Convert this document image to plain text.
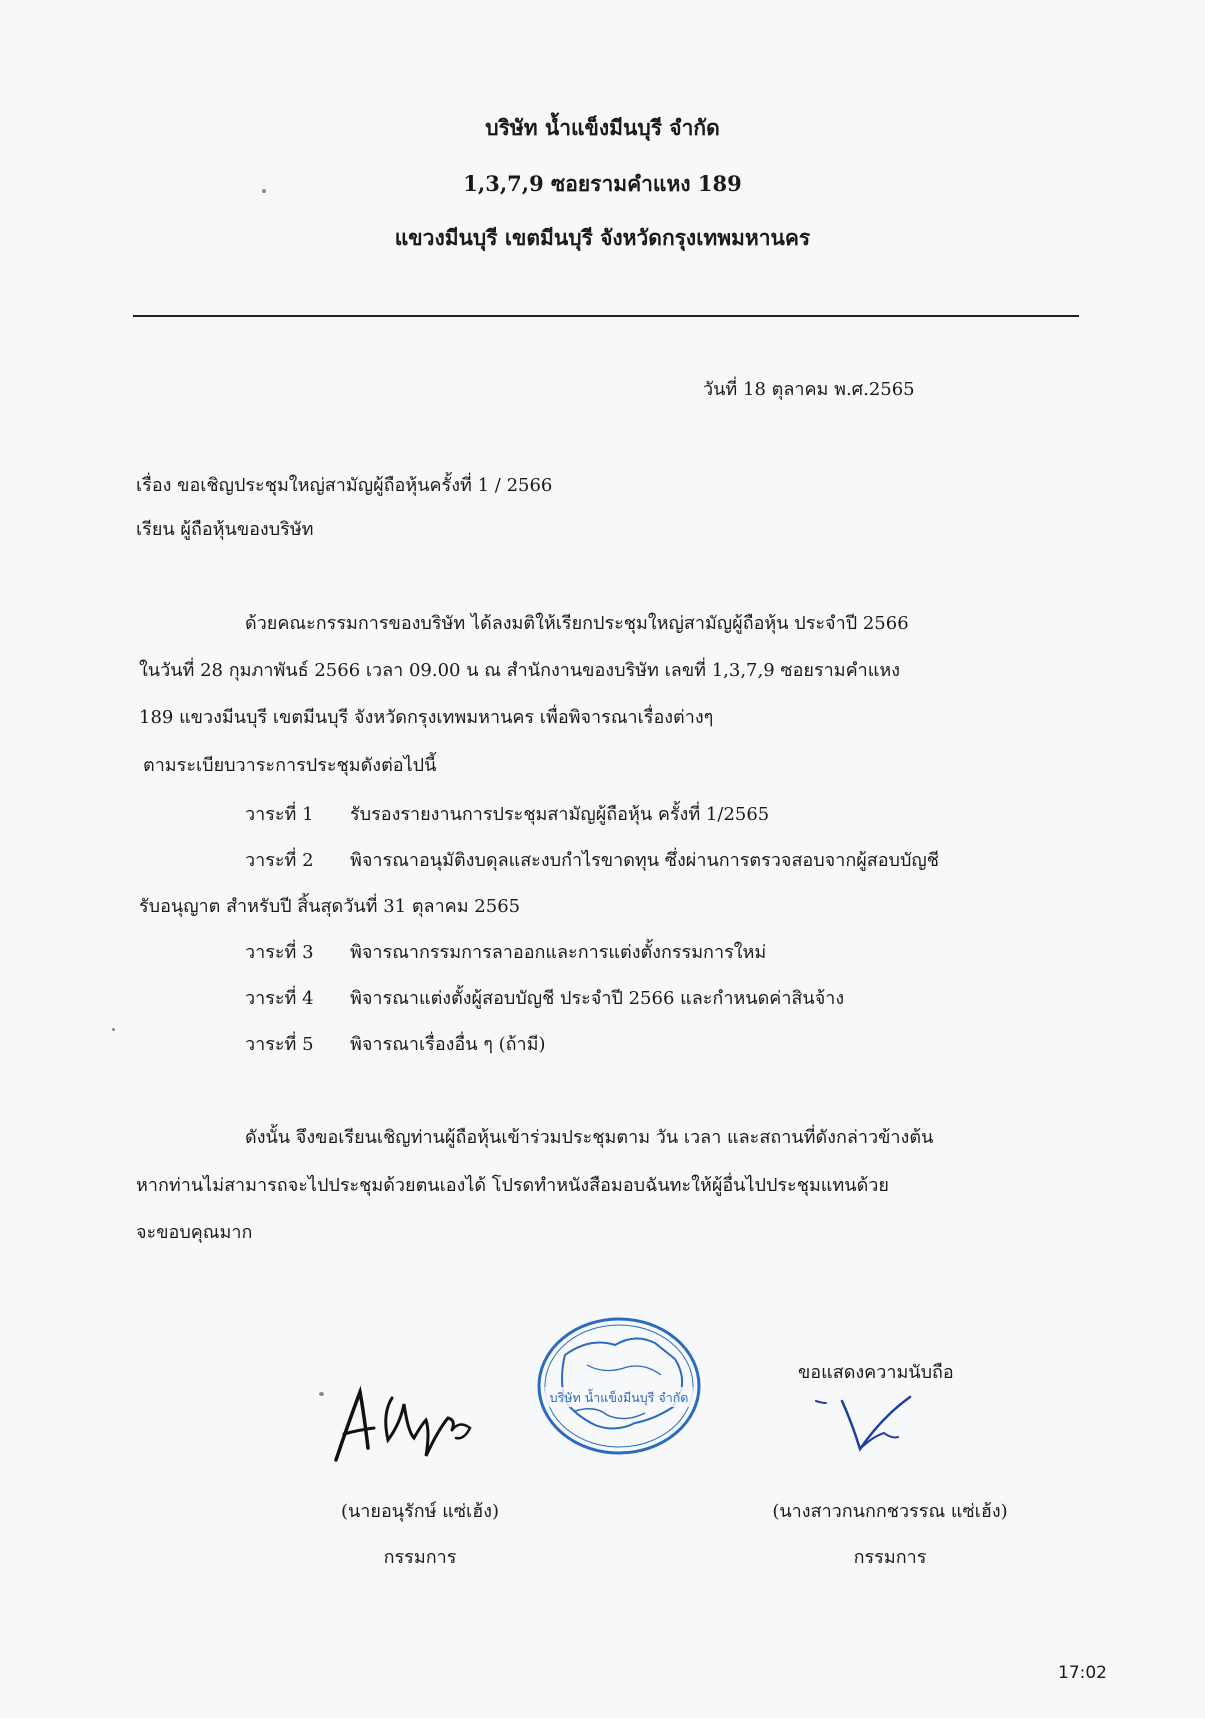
บริษัท น้ำแข็งมีนบุรี จำกัด
1,3,7,9 ซอยรามคำแหง 189
แขวงมีนบุรี เขตมีนบุรี จังหวัดกรุงเทพมหานคร
วันที่ 18 ตุลาคม พ.ศ.2565
เรื่อง ขอเชิญประชุมใหญ่สามัญผู้ถือหุ้นครั้งที่ 1 / 2566
เรียน ผู้ถือหุ้นของบริษัท
ด้วยคณะกรรมการของบริษัท ได้ลงมติให้เรียกประชุมใหญ่สามัญผู้ถือหุ้น ประจำปี 2566
ในวันที่ 28 กุมภาพันธ์ 2566 เวลา 09.00 น ณ สำนักงานของบริษัท เลขที่ 1,3,7,9 ซอยรามคำแหง
189 แขวงมีนบุรี เขตมีนบุรี จังหวัดกรุงเทพมหานคร เพื่อพิจารณาเรื่องต่างๆ
ตามระเบียบวาระการประชุมดังต่อไปนี้
วาระที่ 1 รับรองรายงานการประชุมสามัญผู้ถือหุ้น ครั้งที่ 1/2565
วาระที่ 2 พิจารณาอนุมัติงบดุลแสะงบกำไรขาดทุน ซึ่งผ่านการตรวจสอบจากผู้สอบบัญชี
รับอนุญาต สำหรับปี สิ้นสุดวันที่ 31 ตุลาคม 2565
วาระที่ 3 พิจารณากรรมการลาออกและการแต่งตั้งกรรมการใหม่
วาระที่ 4 พิจารณาแต่งตั้งผู้สอบบัญชี ประจำปี 2566 และกำหนดค่าสินจ้าง
วาระที่ 5 พิจารณาเรื่องอื่น ๆ (ถ้ามี)
ดังนั้น จึงขอเรียนเชิญท่านผู้ถือหุ้นเข้าร่วมประชุมตาม วัน เวลา และสถานที่ดังกล่าวข้างต้น
หากท่านไม่สามารถจะไปประชุมด้วยตนเองได้ โปรดทำหนังสือมอบฉันทะให้ผู้อื่นไปประชุมแทนด้วย
จะขอบคุณมาก
ขอแสดงความนับถือ
บริษัท น้ำแข็งมีนบุรี จำกัด
(นายอนุรักษ์ แซ่เฮ้ง)
กรรมการ
(นางสาวกนกกชวรรณ แซ่เฮ้ง)
กรรมการ
17:02
